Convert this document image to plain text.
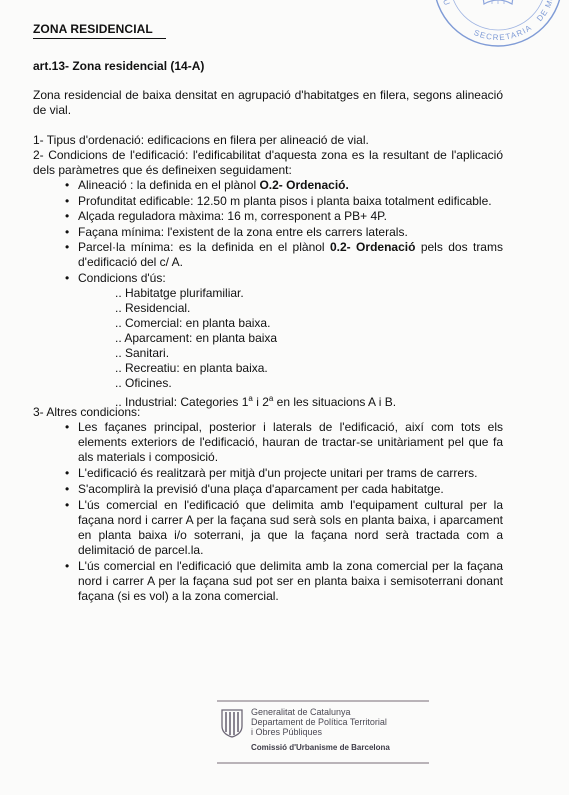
U
SECRETARIA
DE M
ZONA RESIDENCIAL
art.13- Zona residencial (14-A)

Zona residencial de baixa densitat en agrupació d'habitatges en filera, segons alineació de vial.

1- Tipus d'ordenació: edificacions en filera per alineació de vial.

2- Condicions de l'edificació: l'edificabilitat d'aquesta zona es la resultant de l'aplicació dels paràmetres que és defineixen seguidament:

• Alineació : la definida en el plànol O.2- Ordenació.
• Profunditat edificable: 12.50 m planta pisos i planta baixa totalment edificable.
• Alçada reguladora màxima: 16 m, corresponent a PB+ 4P.
• Façana mínima: l'existent de la zona entre els carrers laterals.
• Parcel·la mínima: es la definida en el plànol 0.2- Ordenació pels dos trams d'edificació del c/ A.
• Condicions d'ús:
.. Habitatge plurifamiliar.
.. Residencial.
.. Comercial: en planta baixa.
.. Aparcament: en planta baixa
.. Sanitari.
.. Recreatiu: en planta baixa.
.. Oficines.
.. Industrial: Categories 1$^a$ i 2$^a$ en les situacions A i B.

3- Altres condicions:

• Les façanes principal, posterior i laterals de l'edificació, així com tots els elements exteriors de l'edificació, hauran de tractar-se unitàriament pel que fa als materials i composició.
• L'edificació és realitzarà per mitjà d'un projecte unitari per trams de carrers.
• S'acomplirà la previsió d'una plaça d'aparcament per cada habitatge.
• L'ús comercial en l'edificació que delimita amb l'equipament cultural per la façana nord i carrer A per la façana sud serà sols en planta baixa, i aparcament en planta baixa i/o soterrani, ja que la façana nord serà tractada com a delimitació de parcel.la.
• L'ús comercial en l'edificació que delimita amb la zona comercial per la façana nord i carrer A per la façana sud pot ser en planta baixa i semisoterrani donant façana (si es vol) a la zona comercial.
Generalitat de Catalunya
Departament de Política Territorial
i Obres Públiques
Comissió d'Urbanisme de Barcelona
